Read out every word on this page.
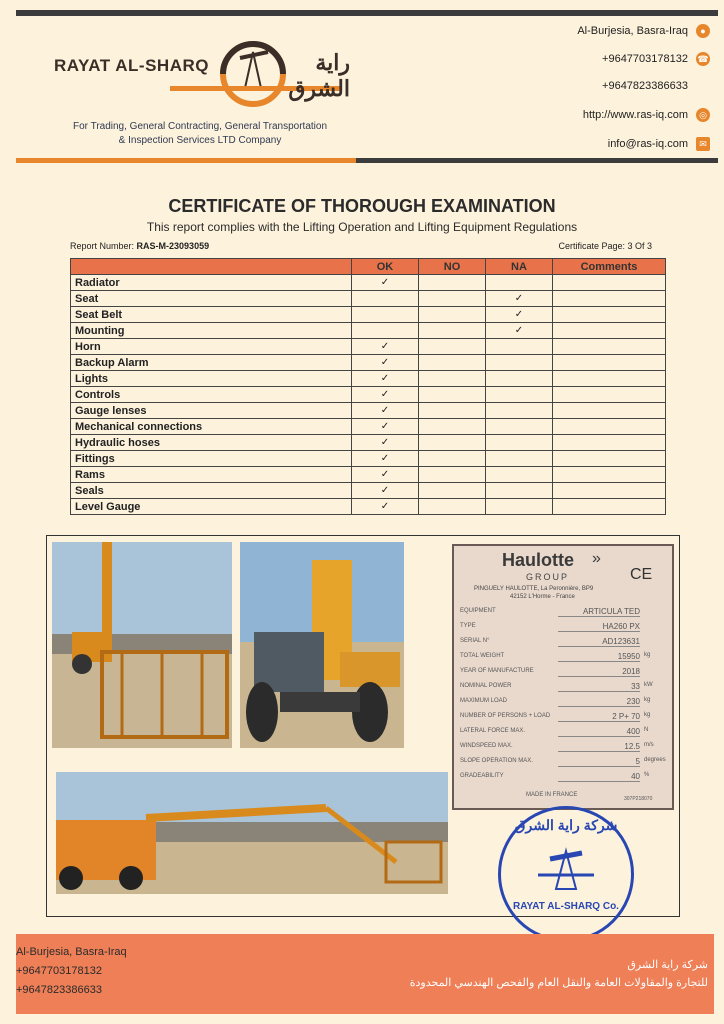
RAYAT AL-SHARQ	راية الشرق
For Trading, General Contracting, General Transportation
& Inspection Services LTD Company
Al-Burjesia, Basra-Iraq	●
+9647703178132 ☎
+9647823386633
http://www.ras-iq.com	◎
info@ras-iq.com	✉
CERTIFICATE OF THOROUGH EXAMINATION
This report complies with the Lifting Operation and Lifting Equipment Regulations
Report Number: RAS-M-23093059	Certificate Page: 3 Of 3
	OK	NO	NA	Comments
Radiator	✓			
Seat			✓	
Seat Belt			✓	
Mounting			✓	
Horn	✓			
Backup Alarm	✓			
Lights	✓			
Controls	✓			
Gauge lenses	✓			
Mechanical connections	✓			
Hydraulic hoses	✓			
Fittings	✓			
Rams	✓			
Seals	✓			
Level Gauge	✓			
Haulotte »
CE
GROUP
PINGUELY HAULOTTE, La Peronnière, BP9
42152 L'Horme - France
EQUIPMENT	ARTICULA TED
TYPE	HA260 PX
SERIAL N°	AD123631
TOTAL WEIGHT	15950 kg
YEAR OF MANUFACTURE	2018
NOMINAL POWER	33 kW
MAXIMUM LOAD	230 kg
NUMBER OF PERSONS + LOAD	2 P+ 70 kg
LATERAL FORCE MAX.	400 N
WINDSPEED MAX.	12.5 m/s
SLOPE OPERATION MAX.	5 degrees
GRADEABILITY	40 %
MADE IN FRANCE
307P218070
شركة راية الشرق
RAYAT AL-SHARQ Co.
Al-Burjesia, Basra-Iraq
+9647703178132
+9647823386633
شركة راية الشرق
للتجارة والمقاولات العامة والنقل العام والفحص الهندسي المحدودة
